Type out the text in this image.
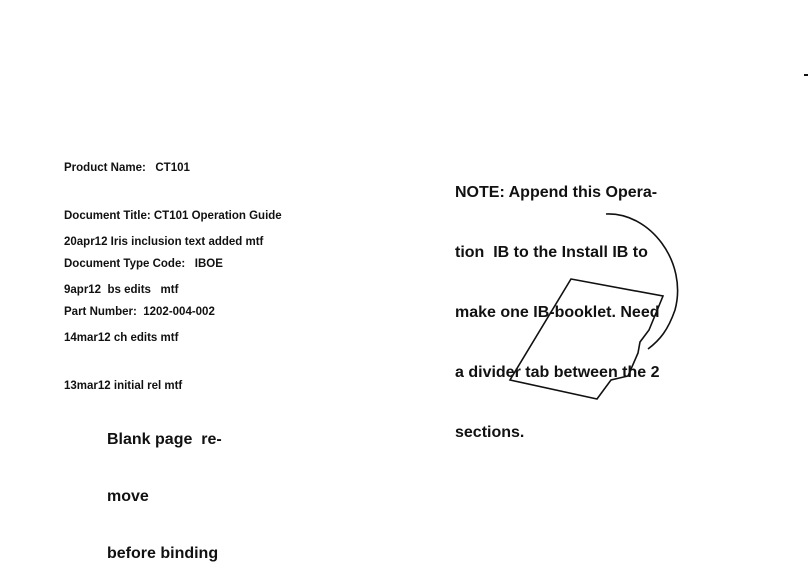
Product Name:   CT101

Document Title: CT101 Operation Guide

Document Type Code:   IBOE

Part Number:  1202-004-002

20apr12 Iris inclusion text added mtf

9apr12  bs edits   mtf

14mar12 ch edits mtf

13mar12 initial rel mtf

NOTE: Append this Opera-

tion  IB to the Install IB to

make one IB-booklet. Need

a divider tab between the 2

sections.

Blank page  re-

move

before binding
